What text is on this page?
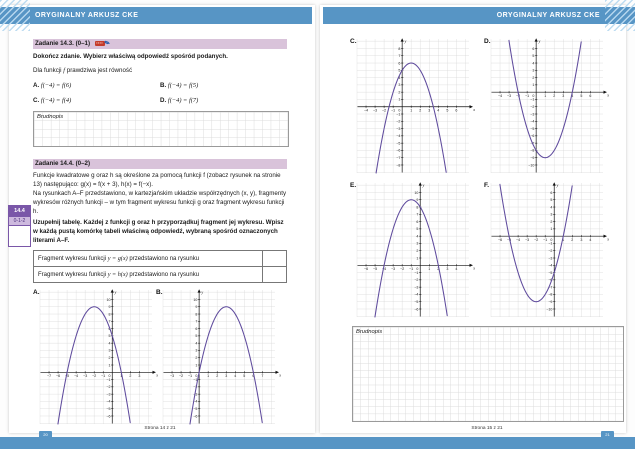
ORYGINALNY ARKUSZ CKE	ORYGINALNY ARKUSZ CKE
Zadanie 14.3. (0–1) ▪▪▪▪ ✎
Dokończ zdanie. Wybierz właściwą odpowiedź spośród podanych.
Dla funkcji f prawdziwa jest równość
A. f(−4) = f(6)	B. f(−4) = f(5)
C. f(−4) = f(4)	D. f(−4) = f(7)
Brudnopis
Zadanie 14.4. (0–2)
Funkcje kwadratowe g oraz h są określone za pomocą funkcji f (zobacz rysunek na stronie 13) następująco: g(x) = f(x + 3), h(x) = f(−x).
Na rysunkach A–F przedstawiono, w kartezjańskim układzie współrzędnych (x, y), fragmenty wykresów różnych funkcji – w tym fragment wykresu funkcji g oraz fragment wykresu funkcji h.
Uzupełnij tabelę. Każdej z funkcji g oraz h przyporządkuj fragment jej wykresu. Wpisz w każdą pustą komórkę tabeli właściwą odpowiedź, wybraną spośród oznaczonych literami A–F.
Fragment wykresu funkcji y = g(x) przedstawiono na rysunku	
Fragment wykresu funkcji y = h(x) przedstawiono na rysunku	
A.
x
y
−7 −6 −5 −4 −3 −2 −1	1 2 3
−6
−5
−4
−3
−2
−1
1
2
3
4
5
6
7
8
9
10
0
B.
x
y
−3 −2 −1	1 2 3 4 5 6 7
−6
−5
−4
−3
−2
−1
1
2
3
4
5
6
7
8
9
10
0
14.4
0-1-2
Strona 14 z 21
C.
x
y
−4 −3 −2 −1	1 2 3 4 5 6
−8
−7
−6
−5
−4
−3
−2
−1
1
2
3
4
5
6
7
8
0
D.
x
y
−4 −3 −2 −1	1 2 3 4 5 6
−10
−9
−8
−7
−6
−5
−4
−3
−2
−1
1
2
3
4
5
6
0
E.
x
y
−6 −5 −4 −3 −2 −1	1 2 3 4
−6
−5
−4
−3
−2
−1
1
2
3
4
5
6
7
8
9
10
0
F.
x
y
−6 −5 −4 −3 −2 −1	1 2 3 4
−10
−9
−8
−7
−6
−5
−4
−3
−2
−1
1
2
3
4
5
6
0
Brudnopis
Strona 15 z 21
20	21
